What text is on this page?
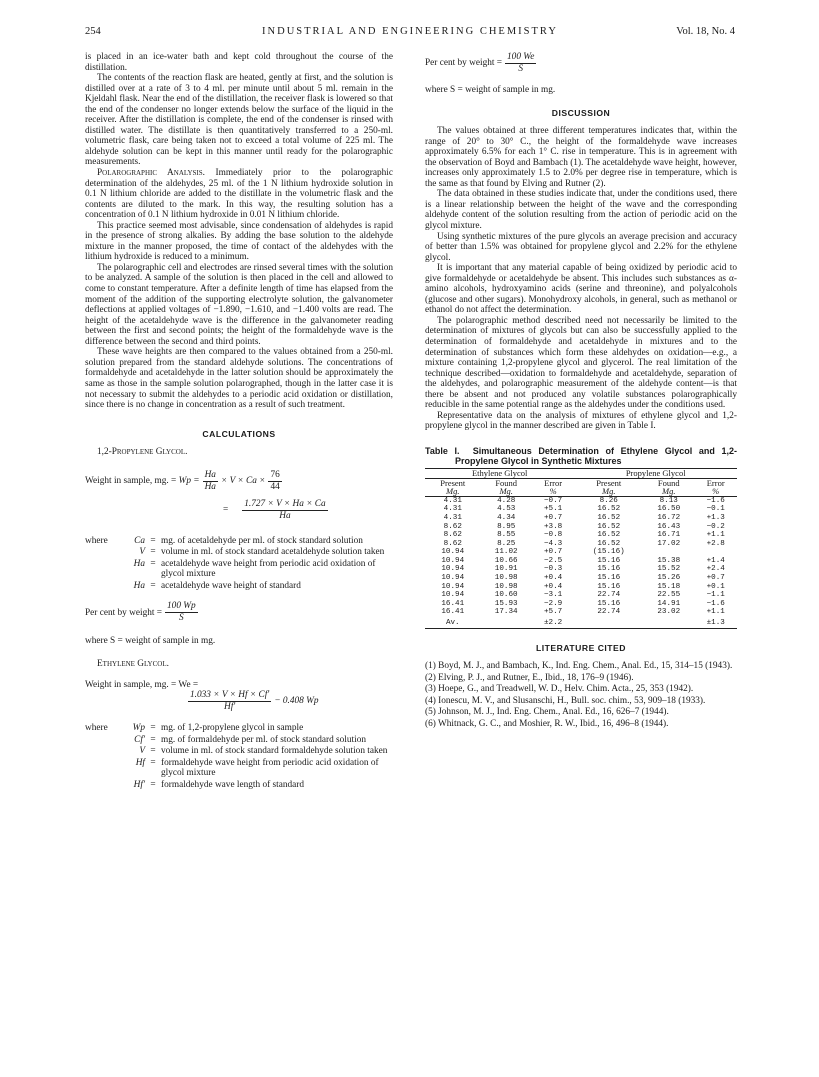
254	INDUSTRIAL AND ENGINEERING CHEMISTRY	Vol. 18, No. 4

is placed in an ice-water bath and kept cold throughout the course of the distillation.

The contents of the reaction flask are heated, gently at first, and the solution is distilled over at a rate of 3 to 4 ml. per minute until about 5 ml. remain in the Kjeldahl flask. Near the end of the distillation, the receiver flask is lowered so that the end of the condenser no longer extends below the surface of the liquid in the receiver. After the distillation is complete, the end of the condenser is rinsed with distilled water. The distillate is then quantitatively transferred to a 250-ml. volumetric flask, care being taken not to exceed a total volume of 225 ml. The aldehyde solution can be kept in this manner until ready for the polarographic measurements.

Polarographic Analysis. Immediately prior to the polarographic determination of the aldehydes, 25 ml. of the 1 N lithium hydroxide solution in 0.1 N lithium chloride are added to the distillate in the volumetric flask and the contents are diluted to the mark. In this way, the resulting solution has a concentration of 0.1 N lithium hydroxide in 0.01 N lithium chloride.

This practice seemed most advisable, since condensation of aldehydes is rapid in the presence of strong alkalies. By adding the base solution to the aldehyde mixture in the manner proposed, the time of contact of the aldehydes with the lithium hydroxide is reduced to a minimum.

The polarographic cell and electrodes are rinsed several times with the solution to be analyzed. A sample of the solution is then placed in the cell and allowed to come to constant temperature. After a definite length of time has elapsed from the moment of the addition of the supporting electrolyte solution, the galvanometer deflections at applied voltages of −1.890, −1.610, and −1.400 volts are read. The height of the acetaldehyde wave is the difference in the galvanometer reading between the first and second points; the height of the formaldehyde wave is the difference between the second and third points.

These wave heights are then compared to the values obtained from a 250-ml. solution prepared from the standard aldehyde solutions. The concentrations of formaldehyde and acetaldehyde in the latter solution should be approximately the same as those in the sample solution polarographed, though in the latter case it is not necessary to submit the aldehydes to a periodic acid oxidation or distillation, since there is no change in concentration as a result of such treatment.

CALCULATIONS

1,2-Propylene Glycol.

Weight in sample, mg. =
$Wp = \frac{Ha}{Ha} \times V \times Ca \times \frac{76}{44}$
= $\frac{1.727 \times V \times Ha \times Ca}{Ha}$
where	Ca = mg. of acetaldehyde per ml. of stock standard solution
V = volume in ml. of stock standard acetaldehyde solution taken
Ha = acetaldehyde wave height from periodic acid oxidation of glycol mixture
Ha = acetaldehyde wave height of standard
Per cent by weight = $\frac{100 Wp}{S}$

where S = weight of sample in mg.

Ethylene Glycol.

Weight in sample, mg. = We =

$\frac{1.033 \times V \times Hf \times Cf'}{Hf'} - 0.408$ Wp
where	Wp = mg. of 1,2-propylene glycol in sample
Cf′ = mg. of formaldehyde per ml. of stock standard solution
V = volume in ml. of stock standard formaldehyde solution taken
Hf = formaldehyde wave height from periodic acid oxidation of glycol mixture
Hf′ = formaldehyde wave length of standard
Per cent by weight = $\frac{100 We}{S}$

where S = weight of sample in mg.

DISCUSSION

The values obtained at three different temperatures indicates that, within the range of 20° to 30° C., the height of the formaldehyde wave increases approximately 6.5% for each 1° C. rise in temperature. This is in agreement with the observation of Boyd and Bambach (1). The acetaldehyde wave height, however, increases only approximately 1.5 to 2.0% per degree rise in temperature, which is the same as that found by Elving and Rutner (2).

The data obtained in these studies indicate that, under the conditions used, there is a linear relationship between the height of the wave and the corresponding aldehyde content of the solution resulting from the action of periodic acid on the glycol mixture.

Using synthetic mixtures of the pure glycols an average precision and accuracy of better than 1.5% was obtained for propylene glycol and 2.2% for the ethylene glycol.

It is important that any material capable of being oxidized by periodic acid to give formaldehyde or acetaldehyde be absent. This includes such substances as α-amino alcohols, hydroxyamino acids (serine and threonine), and polyalcohols (glucose and other sugars). Monohydroxy alcohols, in general, such as methanol or ethanol do not affect the determination.

The polarographic method described need not necessarily be limited to the determination of mixtures of glycols but can also be successfully applied to the determination of formaldehyde and acetaldehyde in mixtures and to the determination of substances which form these aldehydes on oxidation—e.g., a mixture containing 1,2-propylene glycol and glycerol. The real limitation of the technique described—oxidation to formaldehyde and acetaldehyde, separation of the aldehydes, and polarographic measurement of the aldehyde content—is that there be absent and not produced any volatile substances polarographically reducible in the same potential range as the aldehydes under the conditions used.

Representative data on the analysis of mixtures of ethylene glycol and 1,2-propylene glycol in the manner described are given in Table I.

Table I. Simultaneous Determination of Ethylene Glycol and 1,2-Propylene Glycol in Synthetic Mixtures

Ethylene Glycol			Propylene Glycol		
Present	Found	Error	Present	Found	Error
Mg.	Mg.	%	Mg.	Mg.	%
4.31	4.28	−0.7	8.26	8.13	−1.6
4.31	4.53	+5.1	16.52	16.50	−0.1
4.31	4.34	+0.7	16.52	16.72	+1.3
8.62	8.95	+3.8	16.52	16.43	−0.2
8.62	8.55	−0.8	16.52	16.71	+1.1
8.62	8.25	−4.3	16.52	17.02	+2.8
10.94	11.02	+0.7	(15.16)		
10.94	10.66	−2.5	15.16	15.38	+1.4
10.94	10.91	−0.3	15.16	15.52	+2.4
10.94	10.98	+0.4	15.16	15.26	+0.7
10.94	10.98	+0.4	15.16	15.18	+0.1
10.94	10.60	−3.1	22.74	22.55	−1.1
16.41	15.93	−2.9	15.16	14.91	−1.6
16.41	17.34	+5.7	22.74	23.02	+1.1
Av.		±2.2			±1.3
LITERATURE CITED

(1) Boyd, M. J., and Bambach, K., Ind. Eng. Chem., Anal. Ed., 15, 314–15 (1943).

(2) Elving, P. J., and Rutner, E., Ibid., 18, 176–9 (1946).

(3) Hoepe, G., and Treadwell, W. D., Helv. Chim. Acta., 25, 353 (1942).

(4) Ionescu, M. V., and Slusanschi, H., Bull. soc. chim., 53, 909–18 (1933).

(5) Johnson, M. J., Ind. Eng. Chem., Anal. Ed., 16, 626–7 (1944).

(6) Whitnack, G. C., and Moshier, R. W., Ibid., 16, 496–8 (1944).
